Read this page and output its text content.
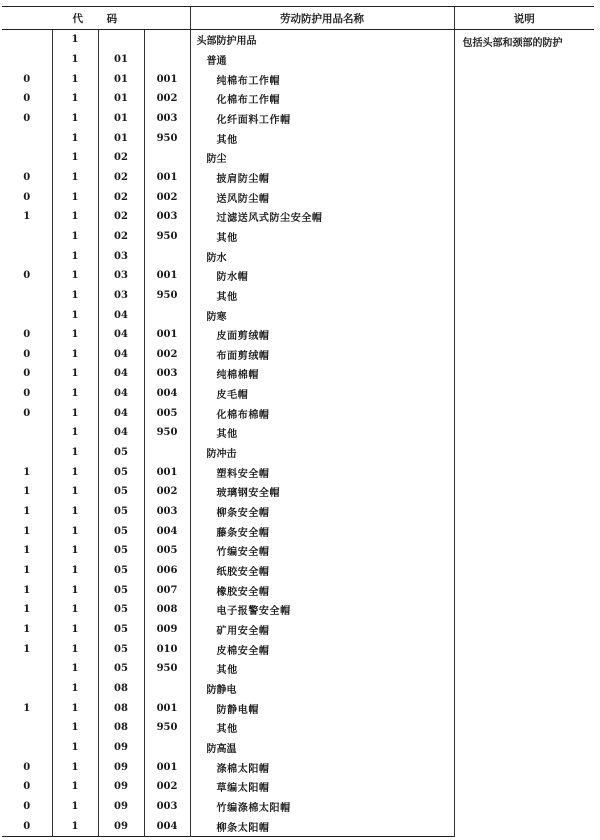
代 码				劳动防护用品名称	说明
	1			头部防护用品	包括头部和颈部的防护
	1	01		普通	
0	1	01	001	纯棉布工作帽	
0	1	01	002	化棉布工作帽	
0	1	01	003	化纤面料工作帽	
	1	01	950	其他	
	1	02		防尘	
0	1	02	001	披肩防尘帽	
0	1	02	002	送风防尘帽	
1	1	02	003	过滤送风式防尘安全帽	
	1	02	950	其他	
	1	03		防水	
0	1	03	001	防水帽	
	1	03	950	其他	
	1	04		防寒	
0	1	04	001	皮面剪绒帽	
0	1	04	002	布面剪绒帽	
0	1	04	003	纯棉棉帽	
0	1	04	004	皮毛帽	
0	1	04	005	化棉布棉帽	
	1	04	950	其他	
	1	05		防冲击	
1	1	05	001	塑料安全帽	
1	1	05	002	玻璃钢安全帽	
1	1	05	003	柳条安全帽	
1	1	05	004	藤条安全帽	
1	1	05	005	竹编安全帽	
1	1	05	006	纸胶安全帽	
1	1	05	007	橡胶安全帽	
1	1	05	008	电子报警安全帽	
1	1	05	009	矿用安全帽	
1	1	05	010	皮棉安全帽	
	1	05	950	其他	
	1	08		防静电	
1	1	08	001	防静电帽	
	1	08	950	其他	
	1	09		防高温	
0	1	09	001	涤棉太阳帽	
0	1	09	002	草编太阳帽	
0	1	09	003	竹编涤棉太阳帽	
0	1	09	004	柳条太阳帽	
